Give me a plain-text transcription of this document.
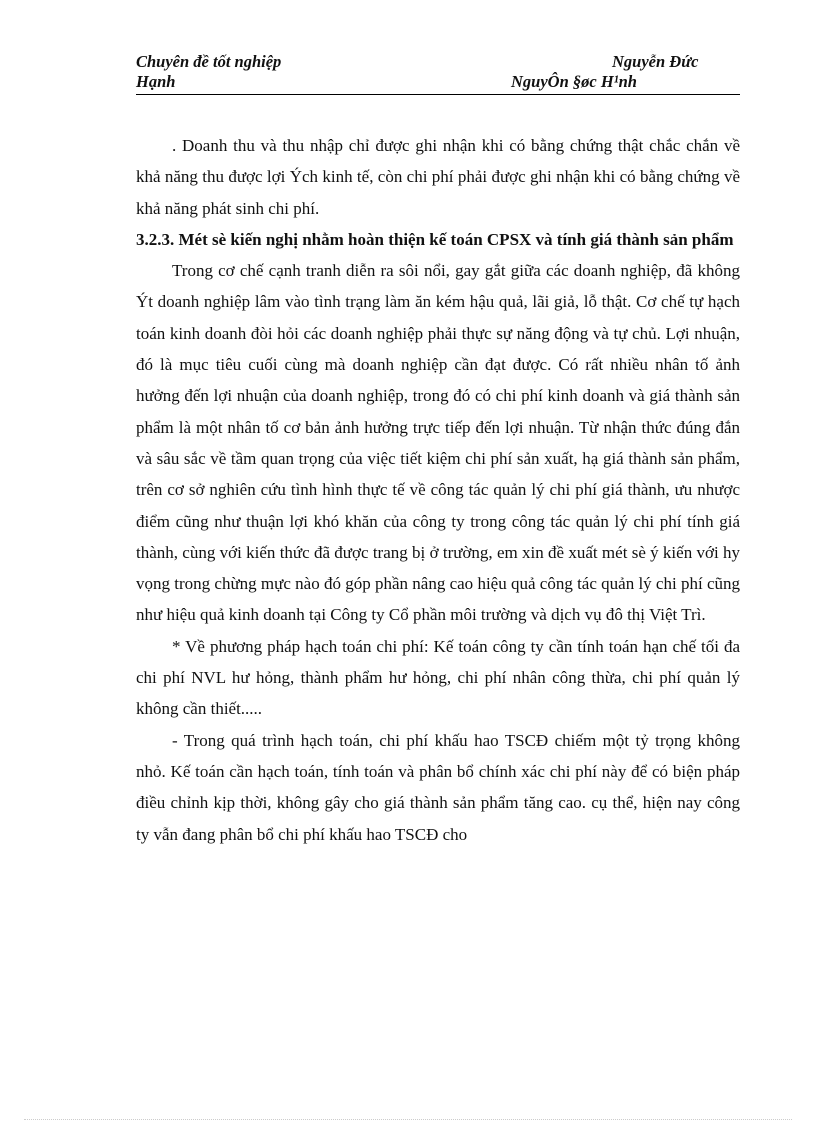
Chuyên đề tốt nghiệp	Nguyễn Đức
Hạnh	NguyÔn §øc H¹nh

. Doanh thu và thu nhập chỉ được ghi nhận khi có bằng chứng thật chắc chắn về khả năng thu được lợi Ých kinh tế, còn chi phí phải được ghi nhận khi có bằng chứng về khả năng phát sinh chi phí.

3.2.3. Mét sè kiến nghị nhằm hoàn thiện kế toán CPSX và tính giá thành sản phẩm

Trong cơ chế cạnh tranh diễn ra sôi nổi, gay gắt giữa các doanh nghiệp, đã không Ýt doanh nghiệp lâm vào tình trạng làm ăn kém hậu quả, lãi giả, lỗ thật. Cơ chế tự hạch toán kinh doanh đòi hỏi các doanh nghiệp phải thực sự năng động và tự chủ. Lợi nhuận, đó là mục tiêu cuối cùng mà doanh nghiệp cần đạt được. Có rất nhiều nhân tố ảnh hưởng đến lợi nhuận của doanh nghiệp, trong đó có chi phí kinh doanh và giá thành sản phẩm là một nhân tố cơ bản ảnh hưởng trực tiếp đến lợi nhuận. Từ nhận thức đúng đắn và sâu sắc về tầm quan trọng của việc tiết kiệm chi phí sản xuất, hạ giá thành sản phẩm, trên cơ sở nghiên cứu tình hình thực tế về công tác quản lý chi phí giá thành, ưu nhược điểm cũng như thuận lợi khó khăn của công ty trong công tác quản lý chi phí tính giá thành, cùng với kiến thức đã được trang bị ở trường, em xin đề xuất mét sè ý kiến với hy vọng trong chừng mực nào đó góp phần nâng cao hiệu quả công tác quản lý chi phí cũng như hiệu quả kinh doanh tại Công ty Cổ phần môi trường và dịch vụ đô thị Việt Trì.

* Về phương pháp hạch toán chi phí: Kế toán công ty cần tính toán hạn chế tối đa chi phí NVL hư hỏng, thành phẩm hư hỏng, chi phí nhân công thừa, chi phí quản lý không cần thiết.....

- Trong quá trình hạch toán, chi phí khấu hao TSCĐ chiếm một tỷ trọng không nhỏ. Kế toán cần hạch toán, tính toán và phân bổ chính xác chi phí này để có biện pháp điều chỉnh kịp thời, không gây cho giá thành sản phẩm tăng cao. cụ thể, hiện nay công ty vẫn đang phân bổ chi phí khấu hao TSCĐ cho
